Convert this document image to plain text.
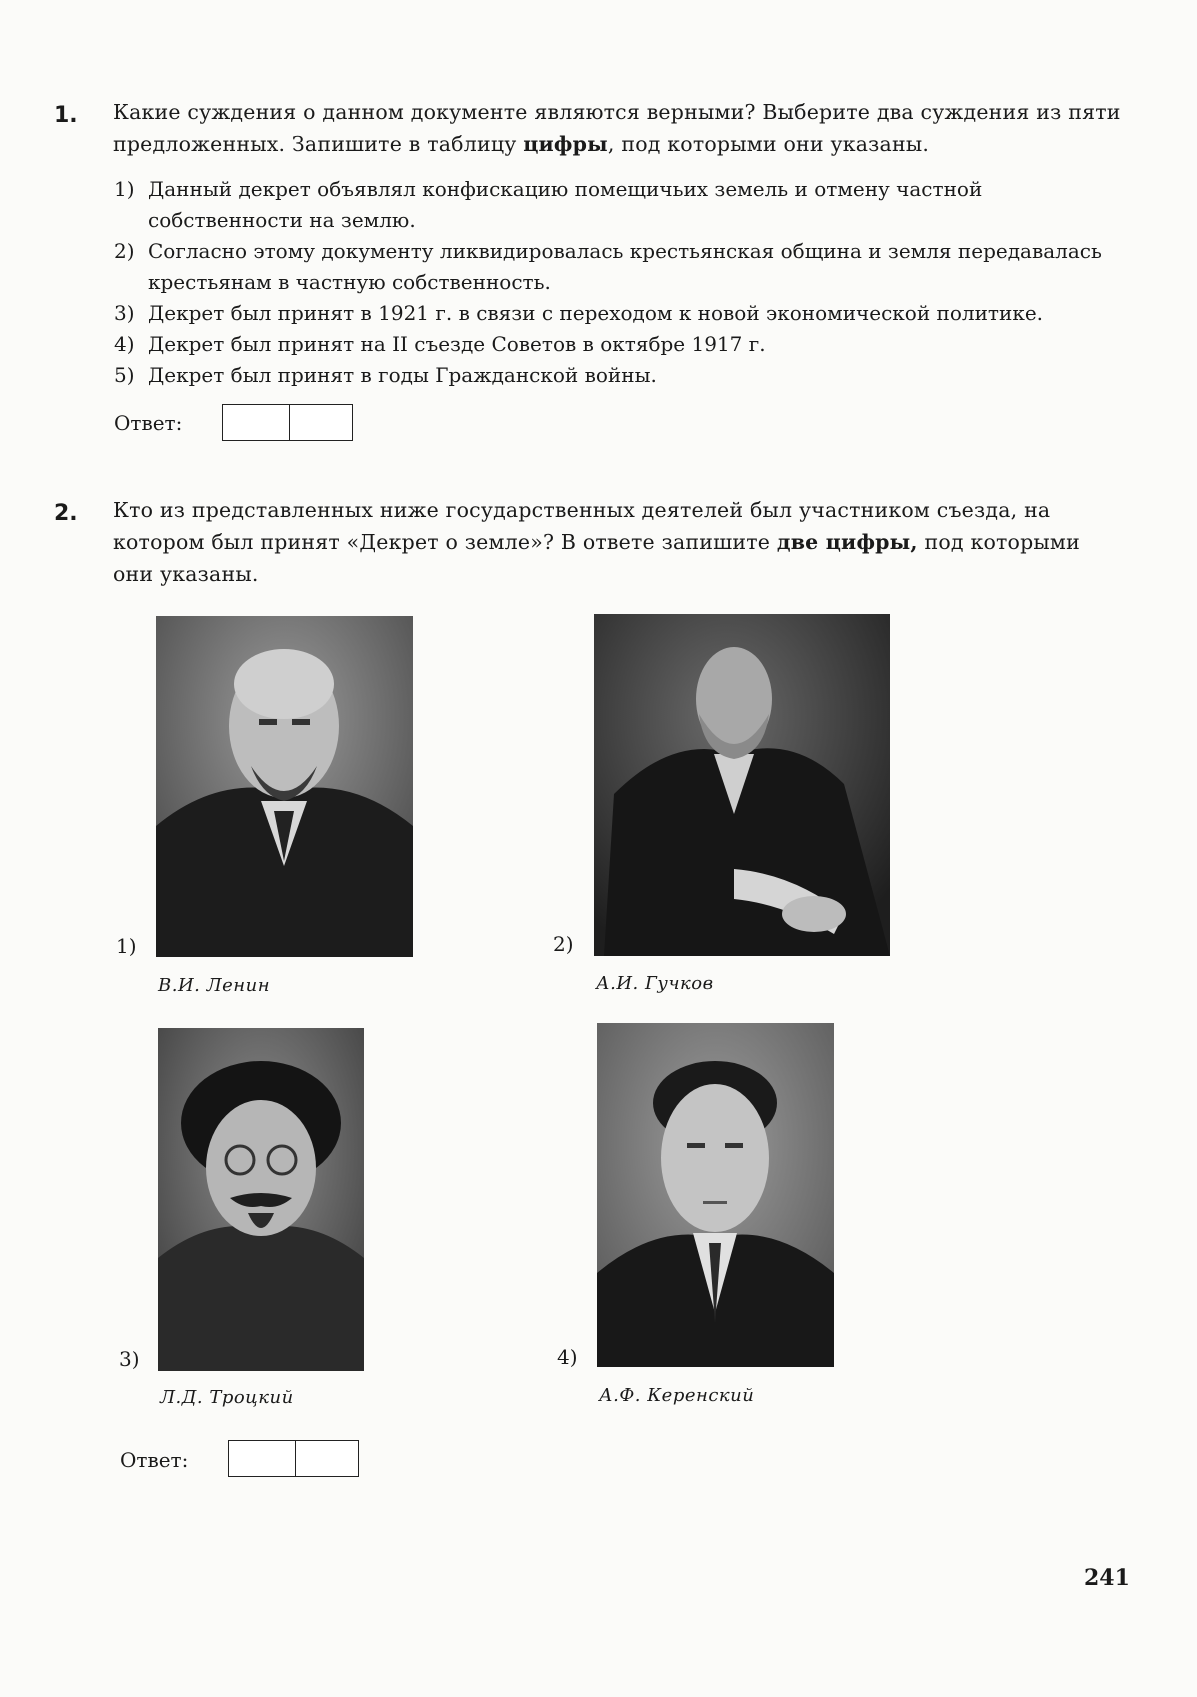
1. Какие суждения о данном документе являются верными? Выберите два суждения из пяти предложенных. Запишите в таблицу цифры, под которыми они указаны.
1) Данный декрет объявлял конфискацию помещичьих земель и отмену частной собственности на землю.
2) Согласно этому документу ликвидировалась крестьянская община и земля передавалась крестьянам в частную собственность.
3) Декрет был принят в 1921 г. в связи с переходом к новой экономической политике.
4) Декрет был принят на II съезде Советов в октябре 1917 г.
5) Декрет был принят в годы Гражданской войны.
Ответ:
2. Кто из представленных ниже государственных деятелей был участником съезда, на котором был принят «Декрет о земле»? В ответе запишите две цифры, под которыми они указаны.
1)
В.И. Ленин
2)
А.И. Гучков
3)
Л.Д. Троцкий
4)
А.Ф. Керенский
Ответ:
241
